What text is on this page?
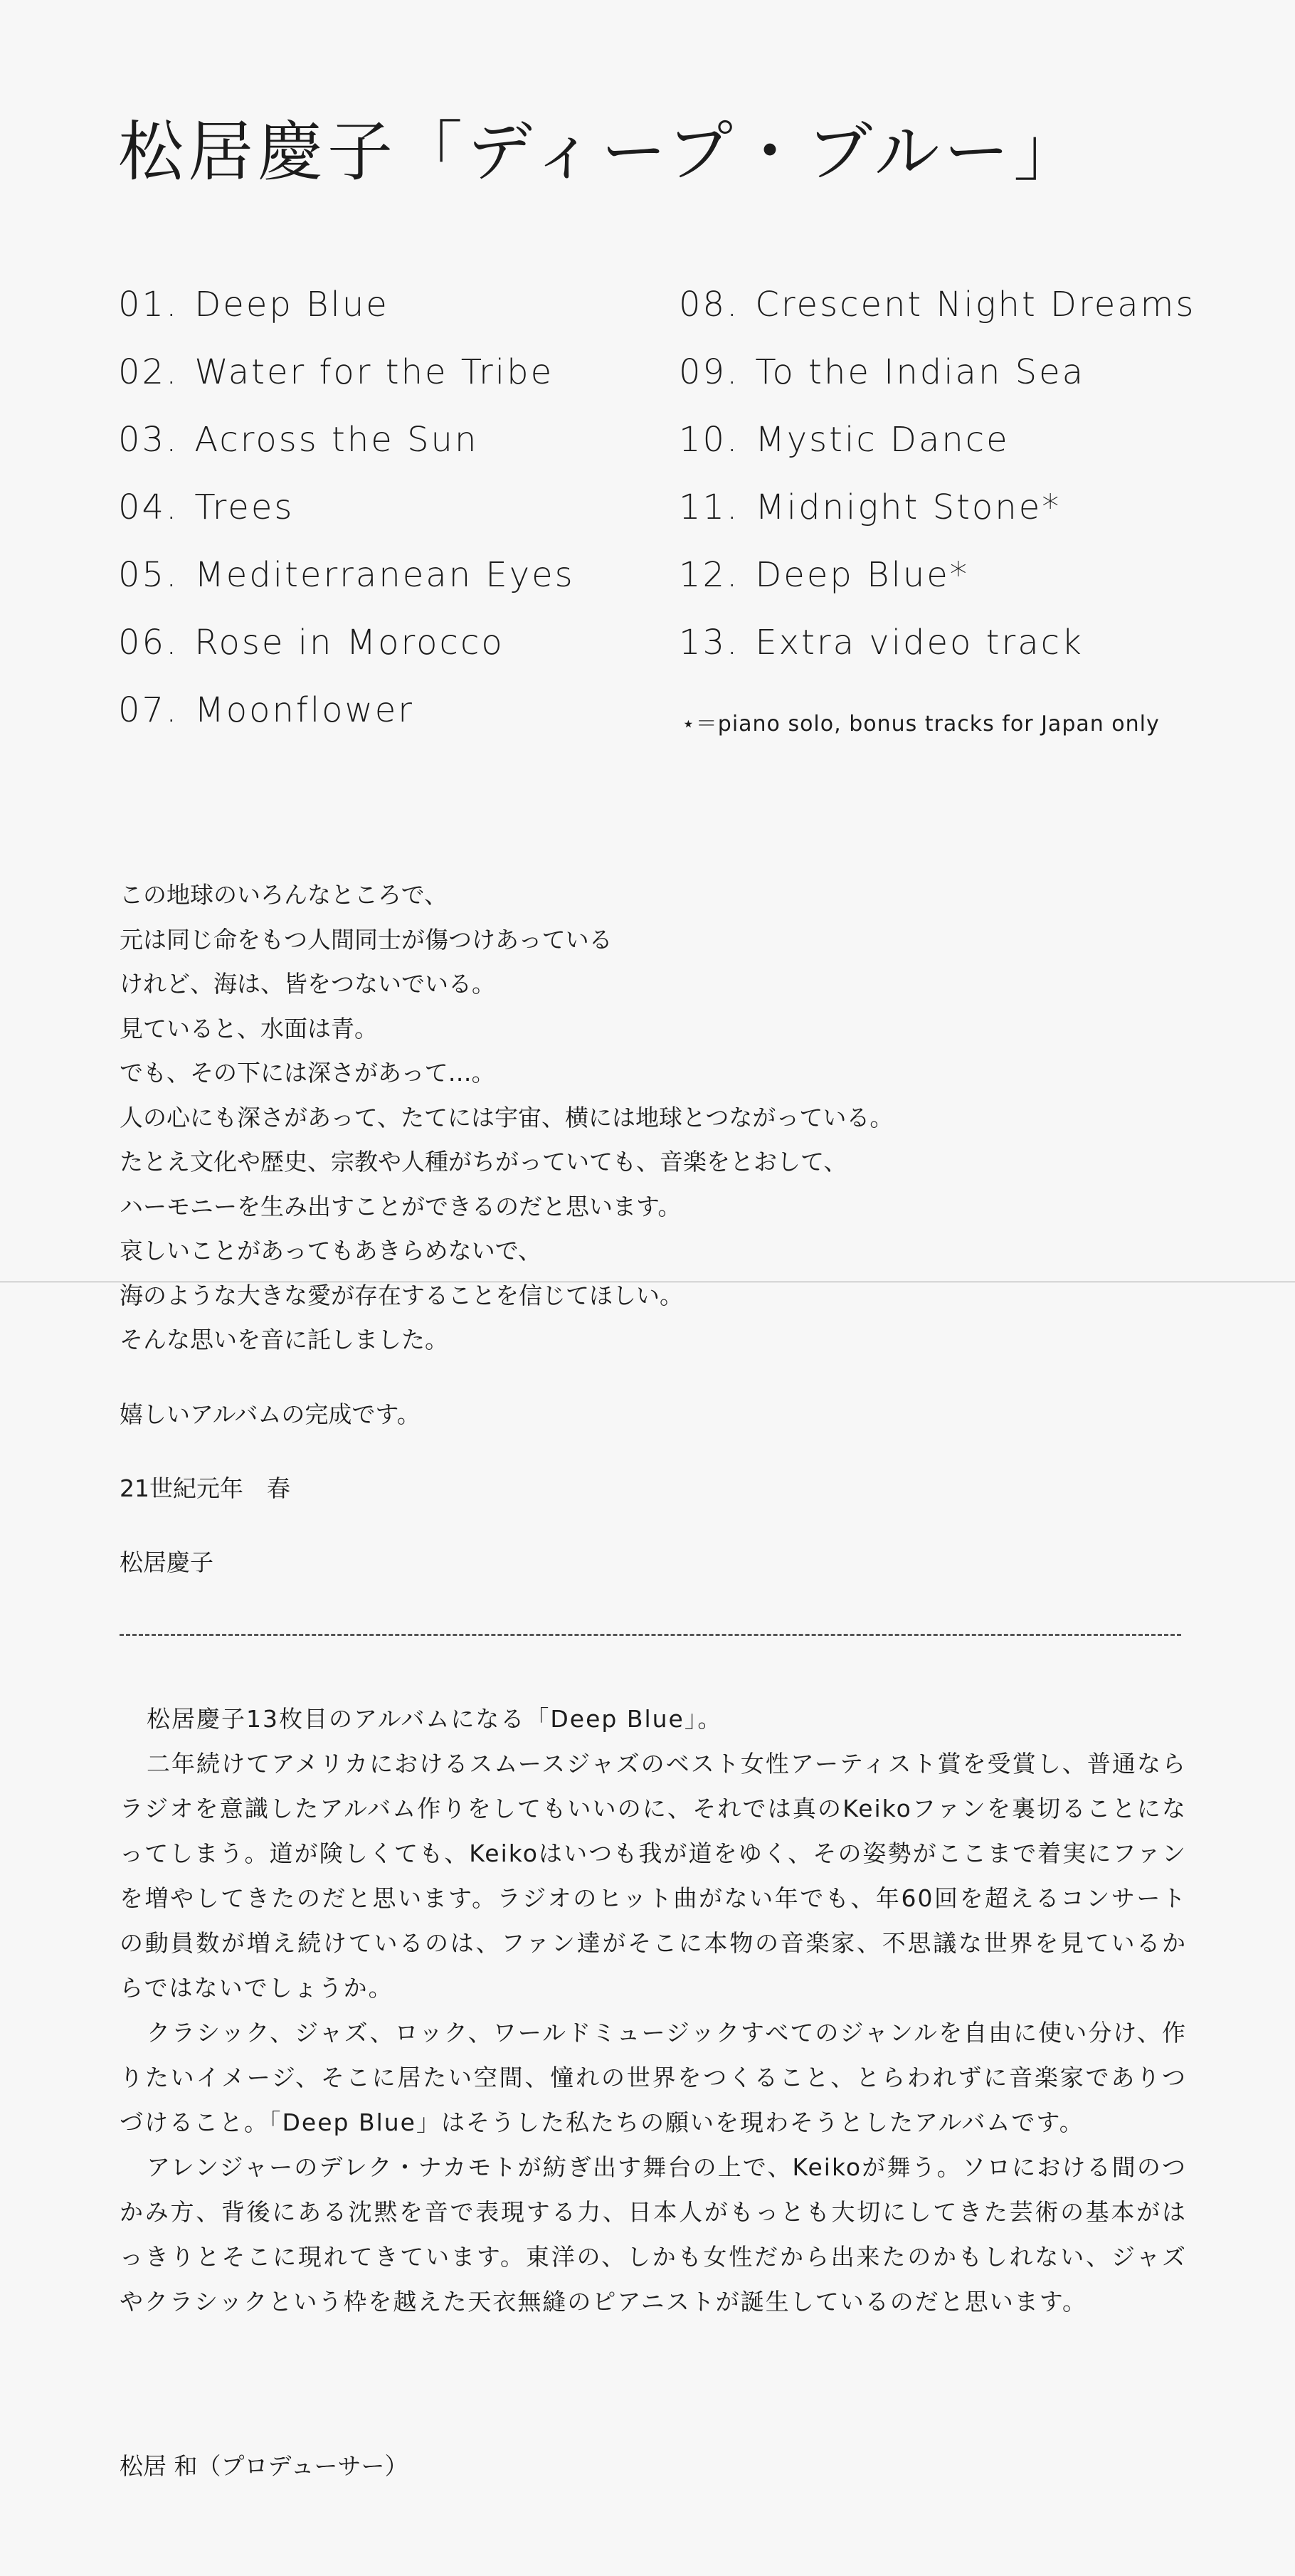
松居慶子「ディープ・ブルー」
01. Deep Blue
02. Water for the Tribe
03. Across the Sun
04. Trees
05. Mediterranean Eyes
06. Rose in Morocco
07. Moonflower
08. Crescent Night Dreams
09. To the Indian Sea
10. Mystic Dance
11. Midnight Stone*
12. Deep Blue*
13. Extra video track
⋆＝piano solo, bonus tracks for Japan only

この地球のいろんなところで、

元は同じ命をもつ人間同士が傷つけあっている

けれど、海は、皆をつないでいる。

見ていると、水面は青。

でも、その下には深さがあって…。

人の心にも深さがあって、たてには宇宙、横には地球とつながっている。

たとえ文化や歴史、宗教や人種がちがっていても、音楽をとおして、

ハーモニーを生み出すことができるのだと思います。

哀しいことがあってもあきらめないで、

海のような大きな愛が存在することを信じてほしい。

そんな思いを音に託しました。

嬉しいアルバムの完成です。

21世紀元年　春

松居慶子

松居慶子13枚目のアルバムになる「Deep Blue」。

二年続けてアメリカにおけるスムースジャズのベスト女性アーティスト賞を受賞し、普通ならラジオを意識したアルバム作りをしてもいいのに、それでは真のKeikoファンを裏切ることになってしまう。道が険しくても、Keikoはいつも我が道をゆく、その姿勢がここまで着実にファンを増やしてきたのだと思います。ラジオのヒット曲がない年でも、年60回を超えるコンサートの動員数が増え続けているのは、ファン達がそこに本物の音楽家、不思議な世界を見ているからではないでしょうか。

クラシック、ジャズ、ロック、ワールドミュージックすべてのジャンルを自由に使い分け、作りたいイメージ、そこに居たい空間、憧れの世界をつくること、とらわれずに音楽家でありつづけること。「Deep Blue」はそうした私たちの願いを現わそうとしたアルバムです。

アレンジャーのデレク・ナカモトが紡ぎ出す舞台の上で、Keikoが舞う。ソロにおける間のつかみ方、背後にある沈黙を音で表現する力、日本人がもっとも大切にしてきた芸術の基本がはっきりとそこに現れてきています。東洋の、しかも女性だから出来たのかもしれない、ジャズやクラシックという枠を越えた天衣無縫のピアニストが誕生しているのだと思います。

松居 和（プロデューサー）
